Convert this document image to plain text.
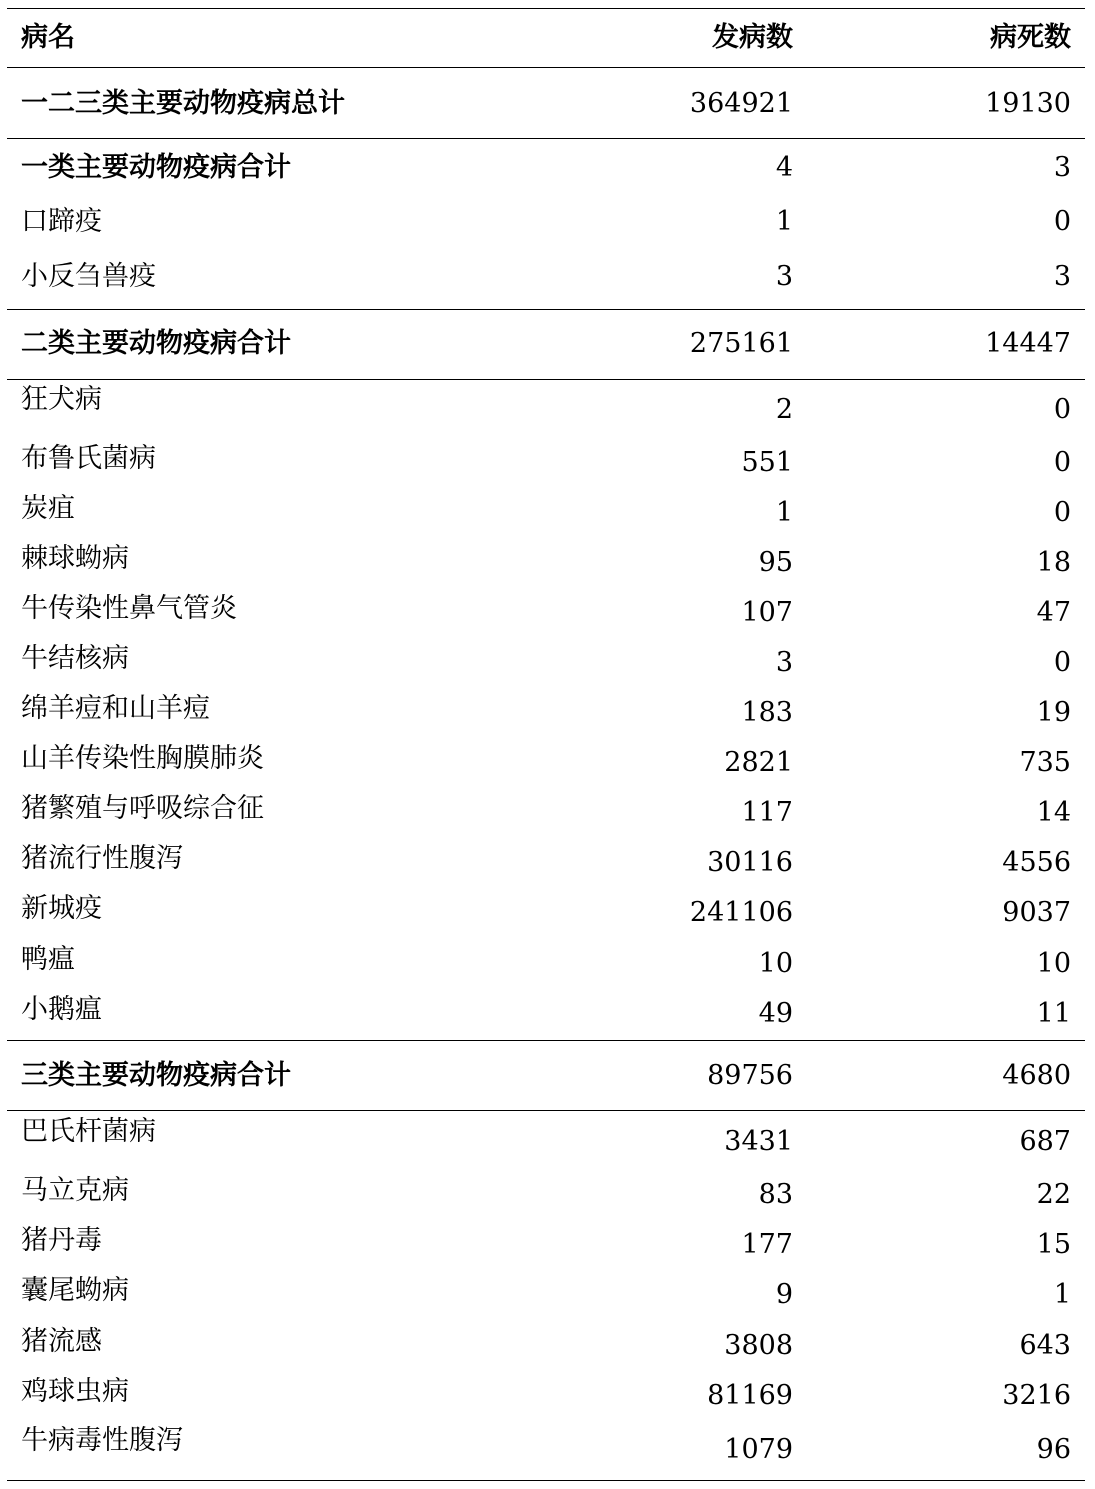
病名	发病数	病死数
一二三类主要动物疫病总计	364921	19130
一类主要动物疫病合计	4	3
口蹄疫	1	0
小反刍兽疫	3	3
二类主要动物疫病合计	275161	14447
狂犬病	2	0
布鲁氏菌病	551	0
炭疽	1	0
棘球蚴病	95	18
牛传染性鼻气管炎	107	47
牛结核病	3	0
绵羊痘和山羊痘	183	19
山羊传染性胸膜肺炎	2821	735
猪繁殖与呼吸综合征	117	14
猪流行性腹泻	30116	4556
新城疫	241106	9037
鸭瘟	10	10
小鹅瘟	49	11
三类主要动物疫病合计	89756	4680
巴氏杆菌病	3431	687
马立克病	83	22
猪丹毒	177	15
囊尾蚴病	9	1
猪流感	3808	643
鸡球虫病	81169	3216
牛病毒性腹泻	1079	96
